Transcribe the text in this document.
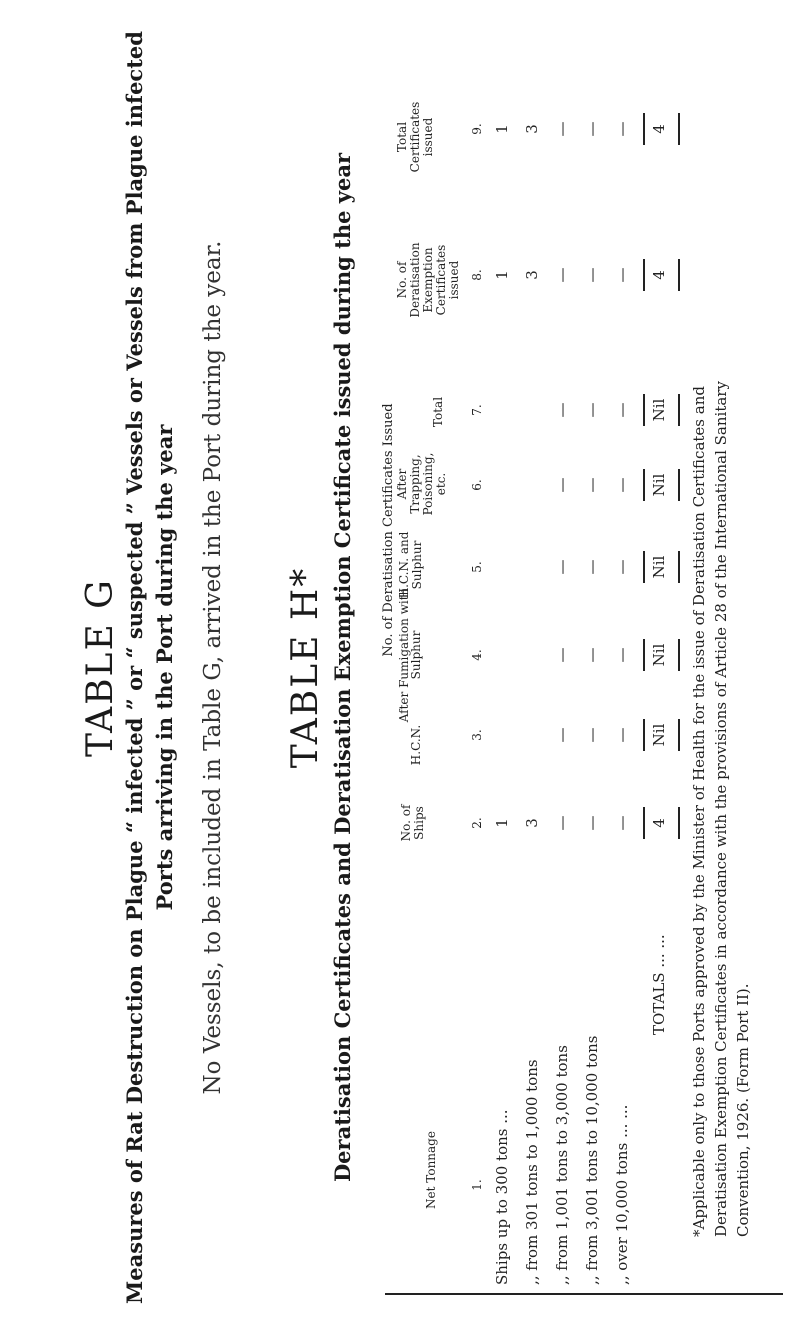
TABLE G Measures of Rat Destruction on Plague “ infected ” or “ suspected ” Vessels or Vessels from Plague infected Ports arriving in the Port during the year No Vessels, to be included in Table G, arrived in the Port during the year. TABLE H* Deratisation Certificates and Deratisation Exemption Certificate issued during the year No. of Deratisation Certificates Issued After Fumigation with
Net Tonnage
No. of Ships
H.C.N.
Sulphur
H.C.N. and Sulphur
After Trapping, Poisoning, etc.
Total
No. of Deratisation Exemption Certificates issued
Total Certificates issued
1.
2.
3.
4.
5.
6.
7.
8.
9.
Ships up to 300 tons ...
1
1
1
,, from 301 tons to 1,000 tons
3
3
3
,, from 1,001 tons to 3,000 tons
—
—
—
—
—
—
—
—
,, from 3,001 tons to 10,000 tons
—
—
—
—
—
—
—
—
,, over 10,000 tons ... ...
—
—
—
—
—
—
—
—
TOTALS ... ...
4
Nil
Nil
Nil
Nil
Nil
4
4
*Applicable only to those Ports approved by the Minister of Health for the issue of Deratisation Certificates and Deratisation Exemption Certificates in accordance with the provisions of Article 28 of the International Sanitary Convention, 1926. (Form Port II).
